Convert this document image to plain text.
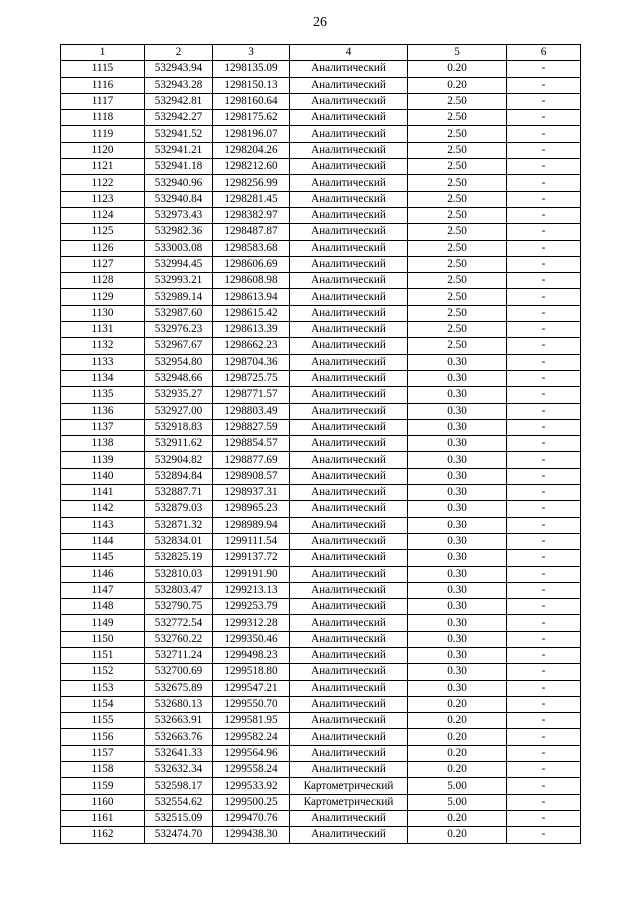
26
1	2	3	4	5	6
1115	532943.94	1298135.09	Аналитический	0.20	-
1116	532943.28	1298150.13	Аналитический	0.20	-
1117	532942.81	1298160.64	Аналитический	2.50	-
1118	532942.27	1298175.62	Аналитический	2.50	-
1119	532941.52	1298196.07	Аналитический	2.50	-
1120	532941.21	1298204.26	Аналитический	2.50	-
1121	532941.18	1298212.60	Аналитический	2.50	-
1122	532940.96	1298256.99	Аналитический	2.50	-
1123	532940.84	1298281.45	Аналитический	2.50	-
1124	532973.43	1298382.97	Аналитический	2.50	-
1125	532982.36	1298487.87	Аналитический	2.50	-
1126	533003.08	1298583.68	Аналитический	2.50	-
1127	532994.45	1298606.69	Аналитический	2.50	-
1128	532993.21	1298608.98	Аналитический	2.50	-
1129	532989.14	1298613.94	Аналитический	2.50	-
1130	532987.60	1298615.42	Аналитический	2.50	-
1131	532976.23	1298613.39	Аналитический	2.50	-
1132	532967.67	1298662.23	Аналитический	2.50	-
1133	532954.80	1298704.36	Аналитический	0.30	-
1134	532948.66	1298725.75	Аналитический	0.30	-
1135	532935.27	1298771.57	Аналитический	0.30	-
1136	532927.00	1298803.49	Аналитический	0.30	-
1137	532918.83	1298827.59	Аналитический	0.30	-
1138	532911.62	1298854.57	Аналитический	0.30	-
1139	532904.82	1298877.69	Аналитический	0.30	-
1140	532894.84	1298908.57	Аналитический	0.30	-
1141	532887.71	1298937.31	Аналитический	0.30	-
1142	532879.03	1298965.23	Аналитический	0.30	-
1143	532871.32	1298989.94	Аналитический	0.30	-
1144	532834.01	1299111.54	Аналитический	0.30	-
1145	532825.19	1299137.72	Аналитический	0.30	-
1146	532810.03	1299191.90	Аналитический	0.30	-
1147	532803.47	1299213.13	Аналитический	0.30	-
1148	532790.75	1299253.79	Аналитический	0.30	-
1149	532772.54	1299312.28	Аналитический	0.30	-
1150	532760.22	1299350.46	Аналитический	0.30	-
1151	532711.24	1299498.23	Аналитический	0.30	-
1152	532700.69	1299518.80	Аналитический	0.30	-
1153	532675.89	1299547.21	Аналитический	0.30	-
1154	532680.13	1299550.70	Аналитический	0.20	-
1155	532663.91	1299581.95	Аналитический	0.20	-
1156	532663.76	1299582.24	Аналитический	0.20	-
1157	532641.33	1299564.96	Аналитический	0.20	-
1158	532632.34	1299558.24	Аналитический	0.20	-
1159	532598.17	1299533.92	Картометрический	5.00	-
1160	532554.62	1299500.25	Картометрический	5.00	-
1161	532515.09	1299470.76	Аналитический	0.20	-
1162	532474.70	1299438.30	Аналитический	0.20	-
